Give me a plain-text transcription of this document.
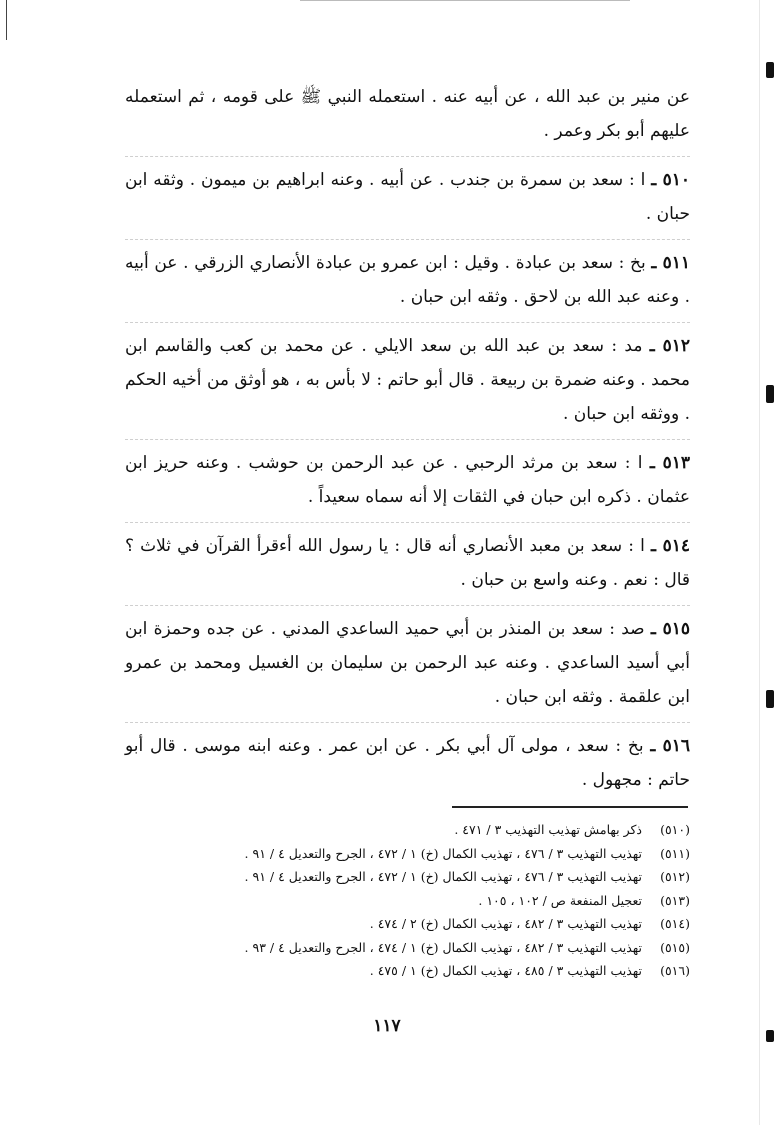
عن منير بن عبد الله ، عن أبيه عنه . استعمله النبي ﷺ على قومه ، ثم استعمله عليهم أبو بكر وعمر .

٥١٠ ـ ا : سعد بن سمرة بن جندب . عن أبيه . وعنه ابراهيم بن ميمون . وثقه ابن حبان .

٥١١ ـ بخ : سعد بن عبادة . وقيل : ابن عمرو بن عبادة الأنصاري الزرقي . عن أبيه . وعنه عبد الله بن لاحق . وثقه ابن حبان .

٥١٢ ـ مد : سعد بن عبد الله بن سعد الايلي . عن محمد بن كعب والقاسم ابن محمد . وعنه ضمرة بن ربيعة . قال أبو حاتم : لا بأس به ، هو أوثق من أخيه الحكم . ووثقه ابن حبان .

٥١٣ ـ ا : سعد بن مرثد الرحبي . عن عبد الرحمن بن حوشب . وعنه حريز ابن عثمان . ذكره ابن حبان في الثقات إلا أنه سماه سعيداً .

٥١٤ ـ ا : سعد بن معبد الأنصاري أنه قال : يا رسول الله أءقرأ القرآن في ثلاث ؟ قال : نعم . وعنه واسع بن حبان .

٥١٥ ـ صد : سعد بن المنذر بن أبي حميد الساعدي المدني . عن جده وحمزة ابن أبي أسيد الساعدي . وعنه عبد الرحمن بن سليمان بن الغسيل ومحمد بن عمرو ابن علقمة . وثقه ابن حبان .

٥١٦ ـ بخ : سعد ، مولى آل أبي بكر . عن ابن عمر . وعنه ابنه موسى . قال أبو حاتم : مجهول .

(٥١٠) ذكر بهامش تهذيب التهذيب ٣ / ٤٧١ .

(٥١١) تهذيب التهذيب ٣ / ٤٧٦ ، تهذيب الكمال (خ) ١ / ٤٧٢ ، الجرح والتعديل ٤ / ٩١ .

(٥١٢) تهذيب التهذيب ٣ / ٤٧٦ ، تهذيب الكمال (خ) ١ / ٤٧٢ ، الجرح والتعديل ٤ / ٩١ .

(٥١٣) تعجيل المنفعة ص / ١٠٢ ، ١٠٥ .

(٥١٤) تهذيب التهذيب ٣ / ٤٨٢ ، تهذيب الكمال (خ) ٢ / ٤٧٤ .

(٥١٥) تهذيب التهذيب ٣ / ٤٨٢ ، تهذيب الكمال (خ) ١ / ٤٧٤ ، الجرح والتعديل ٤ / ٩٣ .

(٥١٦) تهذيب التهذيب ٣ / ٤٨٥ ، تهذيب الكمال (خ) ١ / ٤٧٥ .

١١٧
